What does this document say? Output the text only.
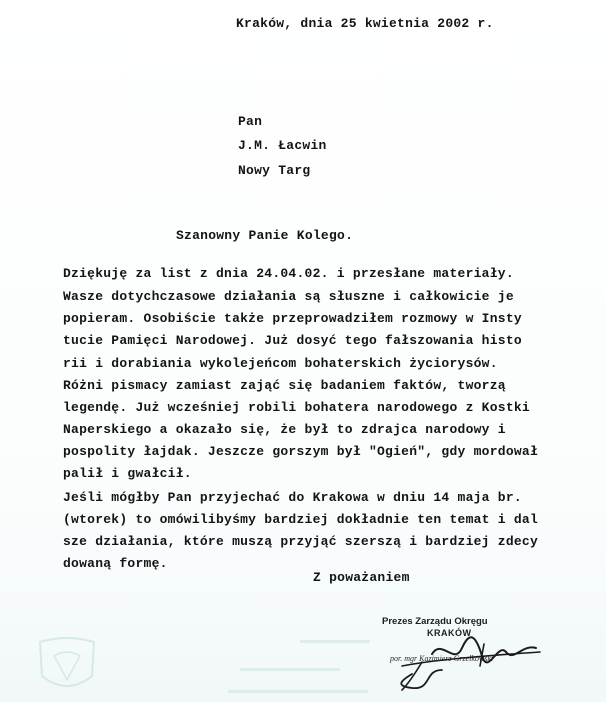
Kraków, dnia 25 kwietnia 2002 r.
Pan
J.M. Łacwin
Nowy Targ
Szanowny Panie Kolego.
Dziękuję za list z dnia 24.04.02. i przesłane materiały.
Wasze dotychczasowe działania są słuszne i całkowicie je
popieram. Osobiście także przeprowadziłem rozmowy w Insty
tucie Pamięci Narodowej. Już dosyć tego fałszowania histo
rii i dorabiania wykolejeńcom bohaterskich życiorysów.
Różni pismacy zamiast zająć się badaniem faktów, tworzą
legendę. Już wcześniej robili bohatera narodowego z Kostki
Naperskiego a okazało się, że był to zdrajca narodowy i
pospolity łajdak. Jeszcze gorszym był "Ogień", gdy mordował
palił i gwałcił.
Jeśli mógłby Pan przyjechać do Krakowa w dniu 14 maja br.
(wtorek) to omówilibyśmy bardziej dokładnie ten temat i dal
sze działania, które muszą przyjąć szerszą i bardziej zdecy
dowaną formę.
Z poważaniem
Prezes Zarządu Okręgu
KRAKÓW
por. mgr Kazimierz Grzelkowski
